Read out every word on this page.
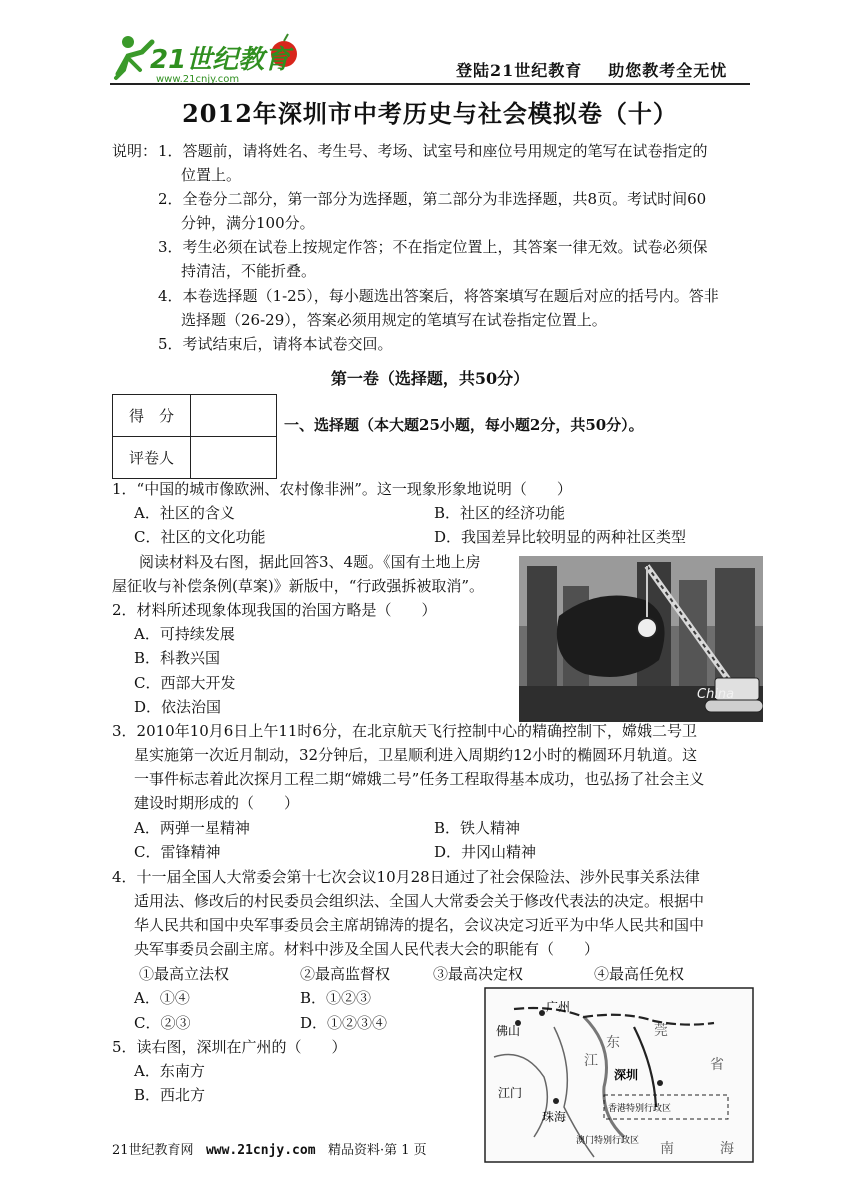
21世纪教育
www.21cnjy.com	登陆21世纪教育 助您教考全无忧
2012年深圳市中考历史与社会模拟卷（十）
说明： 1．答题前，请将姓名、考生号、考场、试室号和座位号用规定的笔写在试卷指定的
位置上。
2．全卷分二部分，第一部分为选择题，第二部分为非选择题，共8页。考试时间60
分钟，满分100分。
3．考生必须在试卷上按规定作答；不在指定位置上，其答案一律无效。试卷必须保
持清洁，不能折叠。
4．本卷选择题（1-25），每小题选出答案后，将答案填写在题后对应的括号内。答非
选择题（26-29），答案必须用规定的笔填写在试卷指定位置上。
5．考试结束后，请将本试卷交回。
第一卷（选择题，共50分）
得　分	
评卷人	
一、选择题（本大题25小题，每小题2分，共50分）。
1．“中国的城市像欧洲、农村像非洲”。这一现象形象地说明（　　）
A．社区的含义	B．社区的经济功能
C．社区的文化功能	D．我国差异比较明显的两种社区类型
阅读材料及右图，据此回答3、4题。《国有土地上房
屋征收与补偿条例(草案)》新版中，“行政强拆被取消”。
China
2．材料所述现象体现我国的治国方略是（　　）
A．可持续发展
B．科教兴国
C．西部大开发
D．依法治国
3．2010年10月6日上午11时6分，在北京航天飞行控制中心的精确控制下，嫦娥二号卫
星实施第一次近月制动，32分钟后，卫星顺利进入周期约12小时的椭圆环月轨道。这
一事件标志着此次探月工程二期“嫦娥二号”任务工程取得基本成功，也弘扬了社会主义
建设时期形成的（　　）
A．两弹一星精神	B．铁人精神
C．雷锋精神	D．井冈山精神
4．十一届全国人大常委会第十七次会议10月28日通过了社会保险法、涉外民事关系法律
适用法、修改后的村民委员会组织法、全国人大常委会关于修改代表法的决定。根据中
华人民共和国中央军事委员会主席胡锦涛的提名，会议决定习近平为中华人民共和国中
央军事委员会副主席。材料中涉及全国人民代表大会的职能有（　　）
①最高立法权	②最高监督权	③最高决定权	④最高任免权
A．①④	B．①②③
C．②③	D．①②③④
5．读右图，深圳在广州的（　　）
A．东南方
B．西北方
广州
佛山
江门
珠海
深圳
东
莞
江	省
澳门特别行政区
香港特别行政区
南	海
21世纪教育网 www.21cnjy.com 精品资料·第 1 页
